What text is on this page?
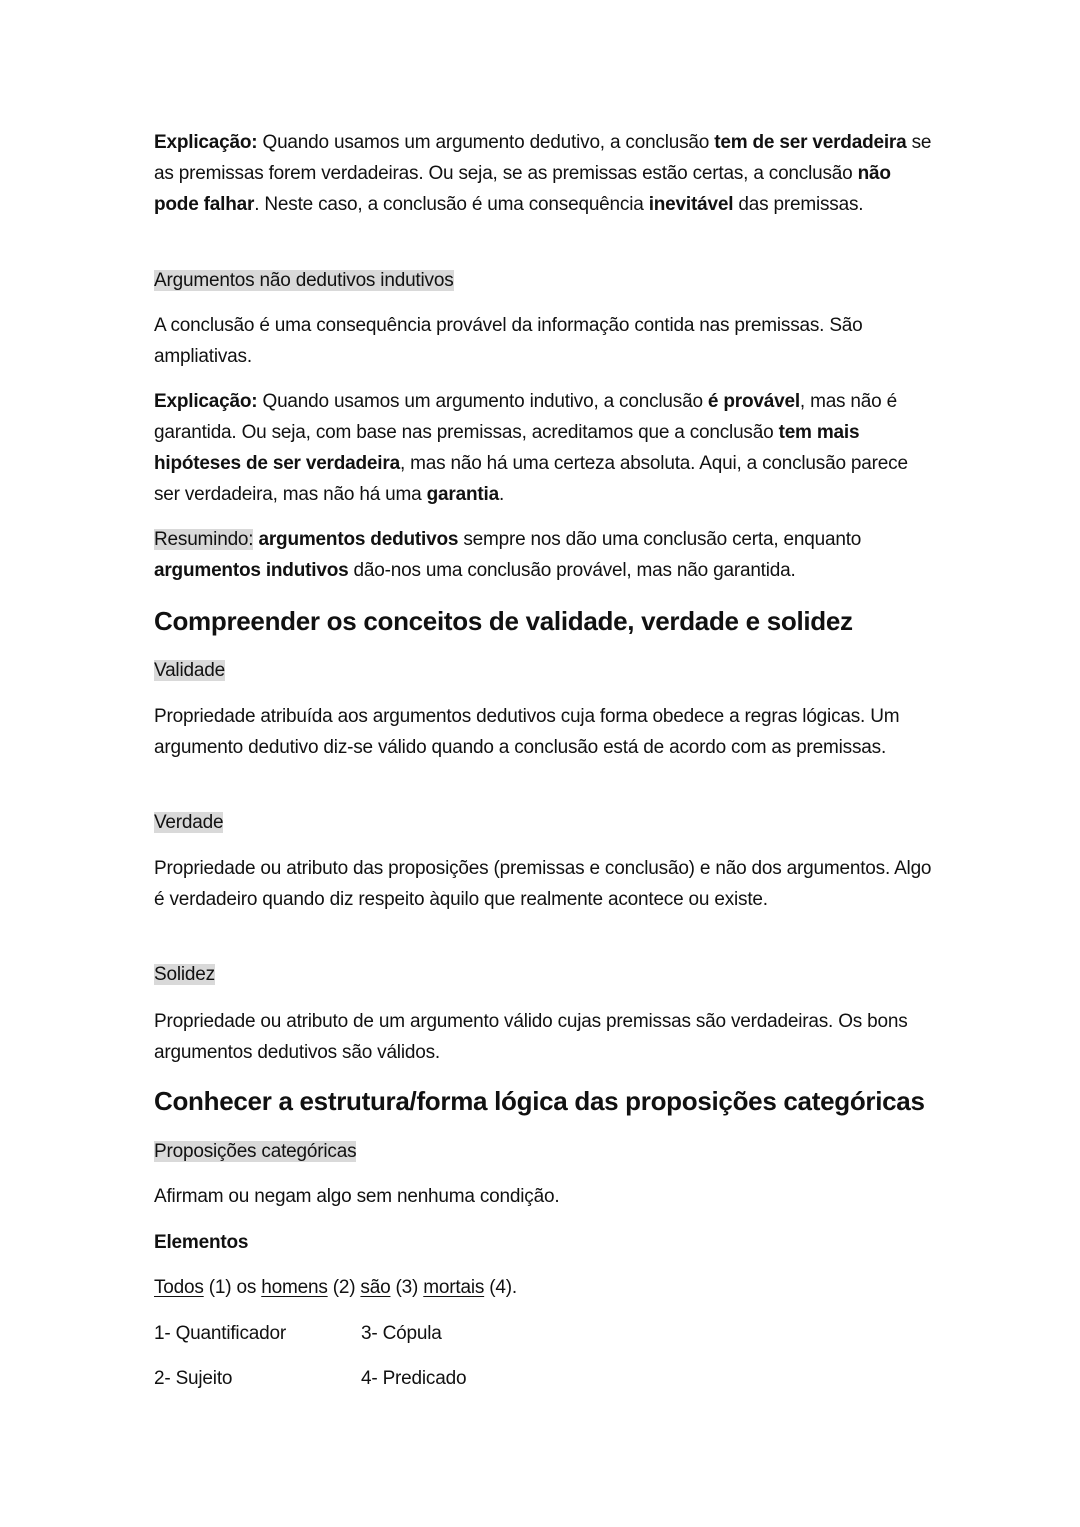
Explicação: Quando usamos um argumento dedutivo, a conclusão tem de ser verdadeira se as premissas forem verdadeiras. Ou seja, se as premissas estão certas, a conclusão não pode falhar. Neste caso, a conclusão é uma consequência inevitável das premissas.

Argumentos não dedutivos indutivos

A conclusão é uma consequência provável da informação contida nas premissas. São ampliativas.

Explicação: Quando usamos um argumento indutivo, a conclusão é provável, mas não é garantida. Ou seja, com base nas premissas, acreditamos que a conclusão tem mais hipóteses de ser verdadeira, mas não há uma certeza absoluta. Aqui, a conclusão parece ser verdadeira, mas não há uma garantia.

Resumindo: argumentos dedutivos sempre nos dão uma conclusão certa, enquanto argumentos indutivos dão-nos uma conclusão provável, mas não garantida.

Compreender os conceitos de validade, verdade e solidez

Validade

Propriedade atribuída aos argumentos dedutivos cuja forma obedece a regras lógicas. Um argumento dedutivo diz-se válido quando a conclusão está de acordo com as premissas.

Verdade

Propriedade ou atributo das proposições (premissas e conclusão) e não dos argumentos. Algo é verdadeiro quando diz respeito àquilo que realmente acontece ou existe.

Solidez

Propriedade ou atributo de um argumento válido cujas premissas são verdadeiras. Os bons argumentos dedutivos são válidos.

Conhecer a estrutura/forma lógica das proposições categóricas

Proposições categóricas

Afirmam ou negam algo sem nenhuma condição.

Elementos

Todos (1) os homens (2) são (3) mortais (4).

1- Quantificador	3- Cópula

2- Sujeito	4- Predicado
